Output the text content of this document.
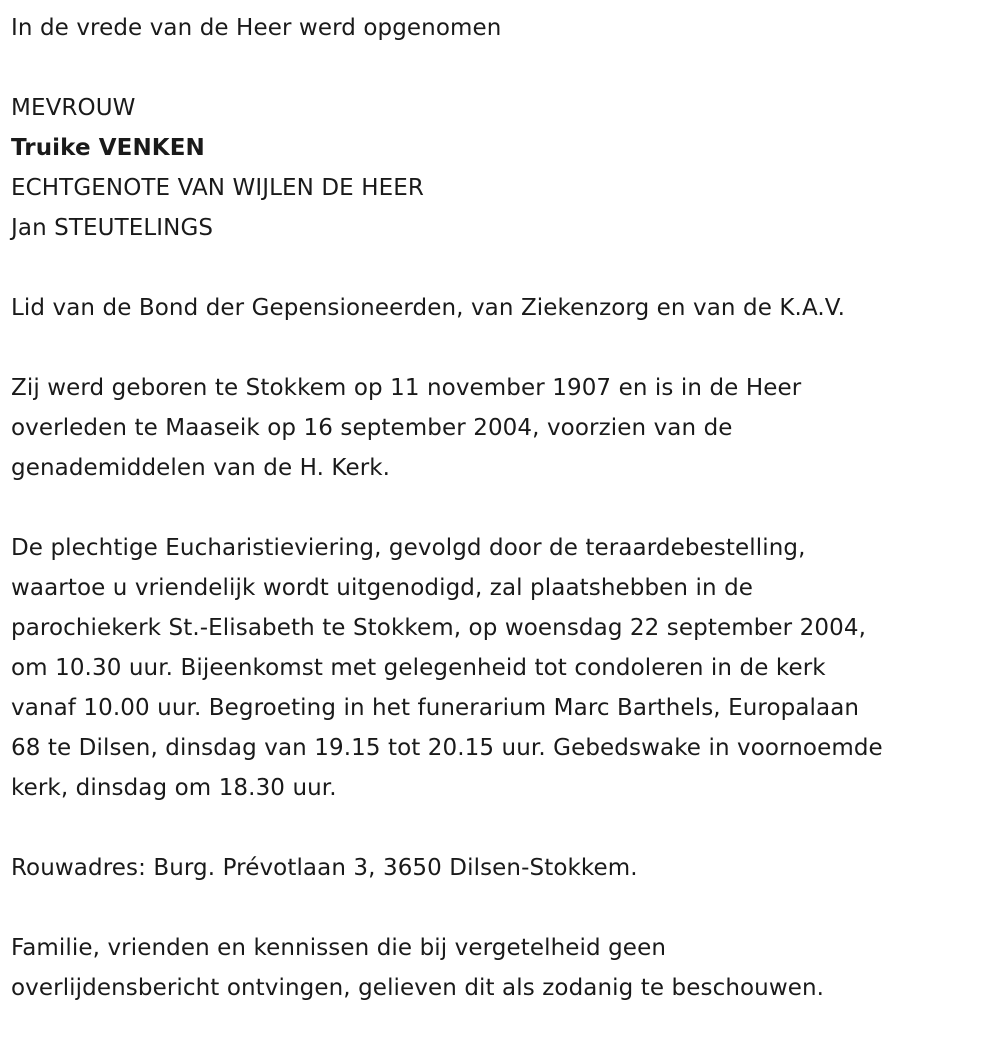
In de vrede van de Heer werd opgenomen

MEVROUW

Truike VENKEN

ECHTGENOTE VAN WIJLEN DE HEER

Jan STEUTELINGS

Lid van de Bond der Gepensioneerden, van Ziekenzorg en van de K.A.V.

Zij werd geboren te Stokkem op 11 november 1907 en is in de Heer

overleden te Maaseik op 16 september 2004, voorzien van de

genademiddelen van de H. Kerk.

De plechtige Eucharistieviering, gevolgd door de teraardebestelling,

waartoe u vriendelijk wordt uitgenodigd, zal plaatshebben in de

parochiekerk St.-Elisabeth te Stokkem, op woensdag 22 september 2004,

om 10.30 uur. Bijeenkomst met gelegenheid tot condoleren in de kerk

vanaf 10.00 uur. Begroeting in het funerarium Marc Barthels, Europalaan

68 te Dilsen, dinsdag van 19.15 tot 20.15 uur. Gebedswake in voornoemde

kerk, dinsdag om 18.30 uur.

Rouwadres: Burg. Prévotlaan 3, 3650 Dilsen-Stokkem.

Familie, vrienden en kennissen die bij vergetelheid geen

overlijdensbericht ontvingen, gelieven dit als zodanig te beschouwen.
